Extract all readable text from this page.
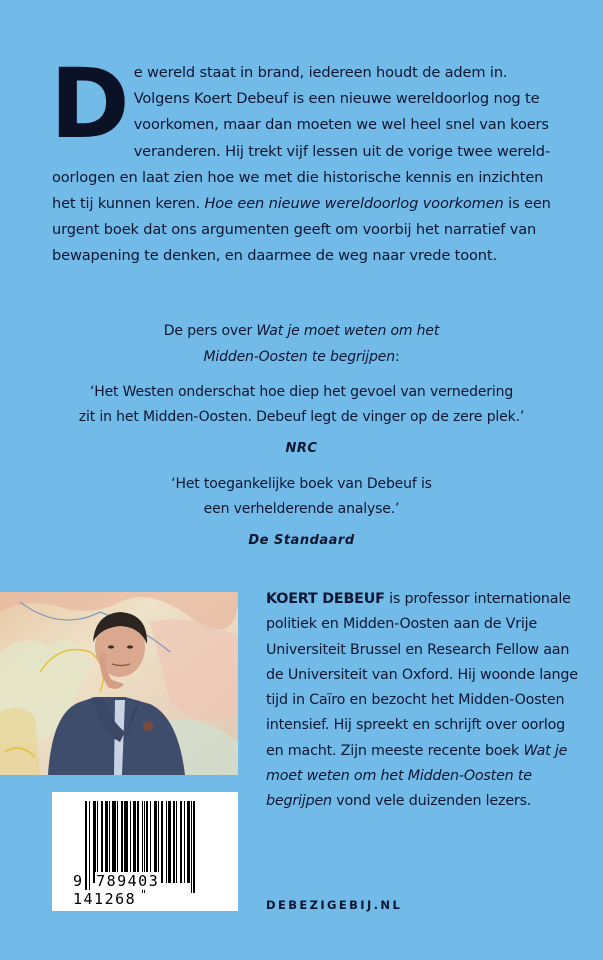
De wereld staat in brand, iedereen houdt de adem in. Volgens Koert Debeuf is een nieuwe wereldoorlog nog te voorkomen, maar dan moeten we wel heel snel van koers veranderen. Hij trekt vijf lessen uit de vorige twee wereldoorlogen en laat zien hoe we met die historische kennis en inzichten het tij kunnen keren. Hoe een nieuwe wereldoorlog voorkomen is een urgent boek dat ons argumenten geeft om voorbij het narratief van bewapening te denken, en daarmee de weg naar vrede toont.

De pers over Wat je moet weten om het
Midden-Oosten te begrijpen:

‘Het Westen onderschat hoe diep het gevoel van vernedering
zit in het Midden-Oosten. Debeuf legt de vinger op de zere plek.’

NRC

‘Het toegankelijke boek van Debeuf is
een verhelderende analyse.’

De Standaard

9 789403 141268
KOERT DEBEUF is professor internationale politiek en Midden-Oosten aan de Vrije Universiteit Brussel en Research Fellow aan de Universiteit van Oxford. Hij woonde lange tijd in Caïro en bezocht het Midden-Oosten intensief. Hij spreekt en schrijft over oorlog en macht. Zijn meeste recente boek Wat je moet weten om het Midden-Oosten te begrijpen vond vele duizenden lezers.
DEBEZIGEBIJ.NL
